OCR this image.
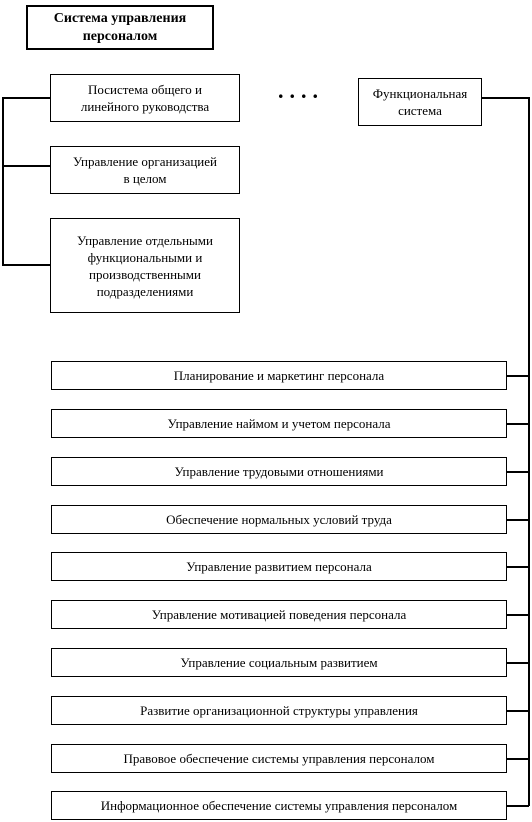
Система управления
персоналом
Посистема общего и
линейного руководства
Управление организацией
в целом
Управление отдельными
функциональными и
производственными
подразделениями
....	Функциональная
система
Планирование и маркетинг персонала
Управление наймом и учетом персонала
Управление трудовыми отношениями
Обеспечение нормальных условий труда
Управление развитием персонала
Управление мотивацией поведения персонала
Управление социальным развитием
Развитие организационной структуры управления
Правовое обеспечение системы управления персоналом
Информационное обеспечение системы управления персоналом
